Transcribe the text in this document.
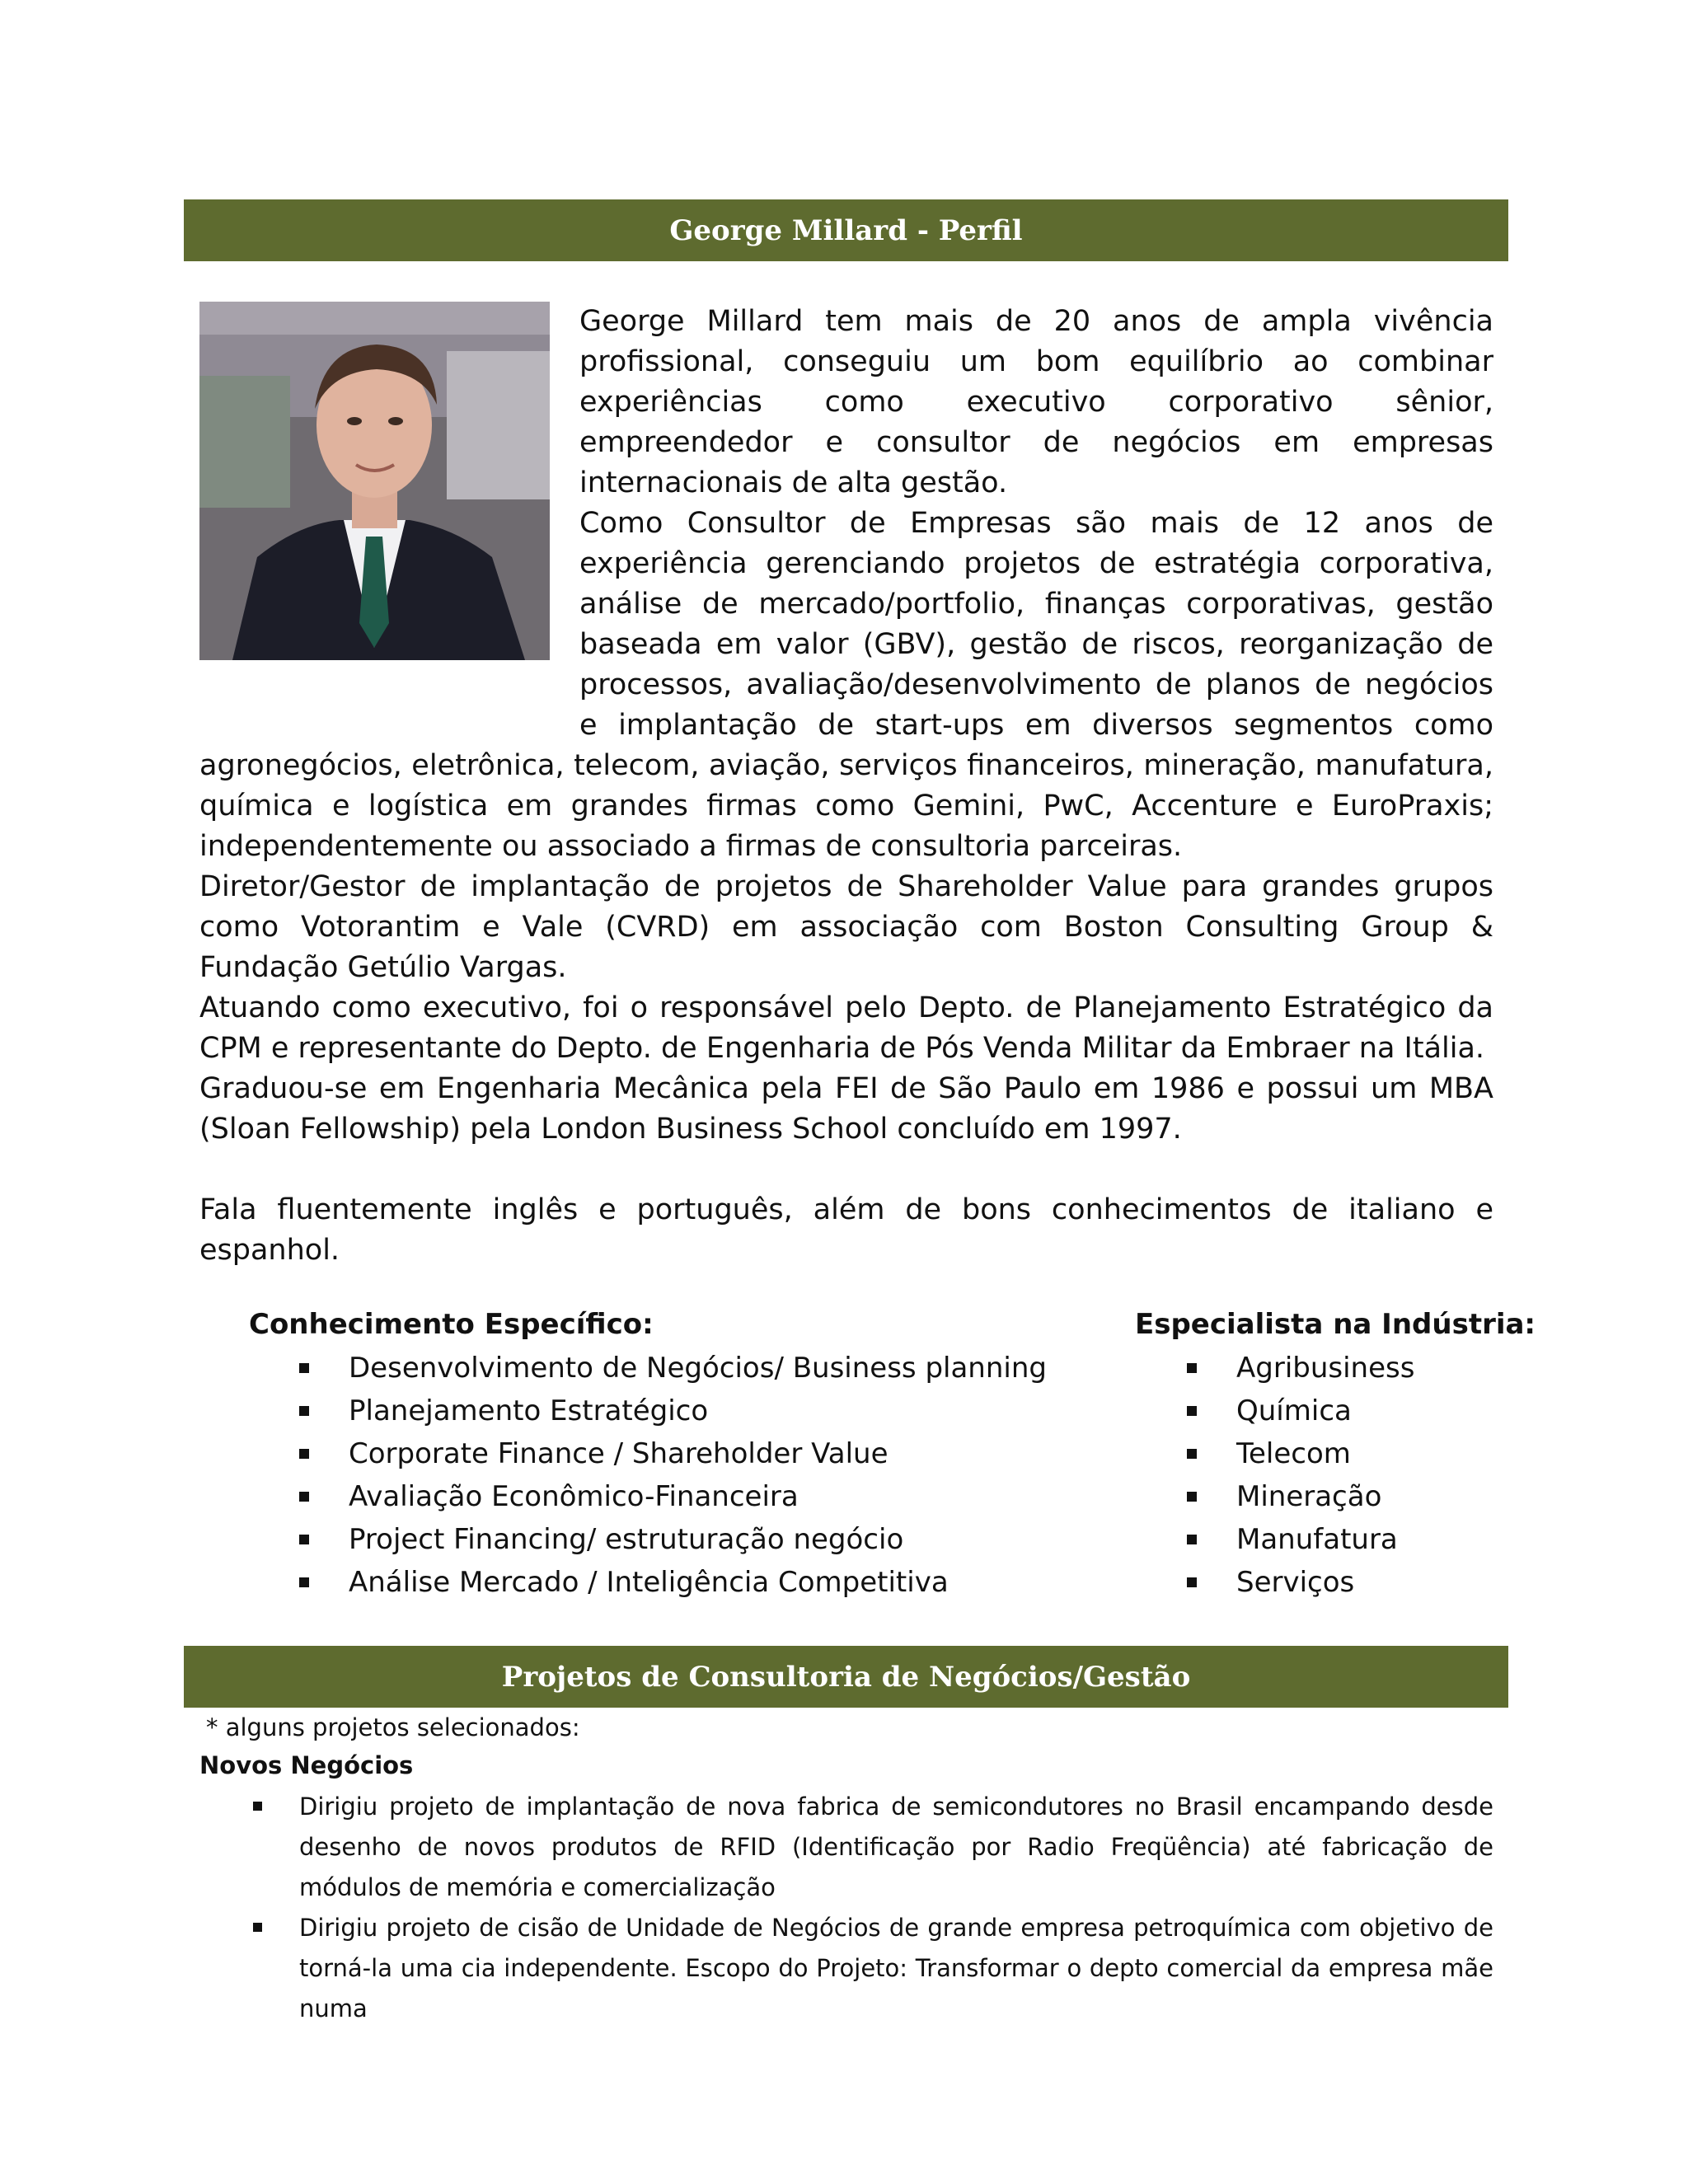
George Millard - Perfil

George Millard tem mais de 20 anos de ampla vivência profissional, conseguiu um bom equilíbrio ao combinar experiências como executivo corporativo sênior, empreendedor e consultor de negócios em empresas internacionais de alta gestão.

Como Consultor de Empresas são mais de 12 anos de experiência gerenciando projetos de estratégia corporativa, análise de mercado/portfolio, finanças corporativas, gestão baseada em valor (GBV), gestão de riscos, reorganização de processos, avaliação/desenvolvimento de planos de negócios e implantação de start-ups em diversos segmentos como agronegócios, eletrônica, telecom, aviação, serviços financeiros, mineração, manufatura, química e logística em grandes firmas como Gemini, PwC, Accenture e EuroPraxis; independentemente ou associado a firmas de consultoria parceiras.

Diretor/Gestor de implantação de projetos de Shareholder Value para grandes grupos como Votorantim e Vale (CVRD) em associação com Boston Consulting Group & Fundação Getúlio Vargas.

Atuando como executivo, foi o responsável pelo Depto. de Planejamento Estratégico da CPM e representante do Depto. de Engenharia de Pós Venda Militar da Embraer na Itália.

Graduou-se em Engenharia Mecânica pela FEI de São Paulo em 1986 e possui um MBA (Sloan Fellowship) pela London Business School concluído em 1997.

Fala fluentemente inglês e português, além de bons conhecimentos de italiano e espanhol.

Conhecimento Específico:
Desenvolvimento de Negócios/ Business planning
Planejamento Estratégico
Corporate Finance / Shareholder Value
Avaliação Econômico-Financeira
Project Financing/ estruturação negócio
Análise Mercado / Inteligência Competitiva
Especialista na Indústria:
Agribusiness
Química
Telecom
Mineração
Manufatura
Serviços
Projetos de Consultoria de Negócios/Gestão
* alguns projetos selecionados:
Novos Negócios
Dirigiu projeto de implantação de nova fabrica de semicondutores no Brasil encampando desde desenho de novos produtos de RFID (Identificação por Radio Freqüência) até fabricação de módulos de memória e comercialização
Dirigiu projeto de cisão de Unidade de Negócios de grande empresa petroquímica com objetivo de torná-la uma cia independente. Escopo do Projeto: Transformar o depto comercial da empresa mãe numa
